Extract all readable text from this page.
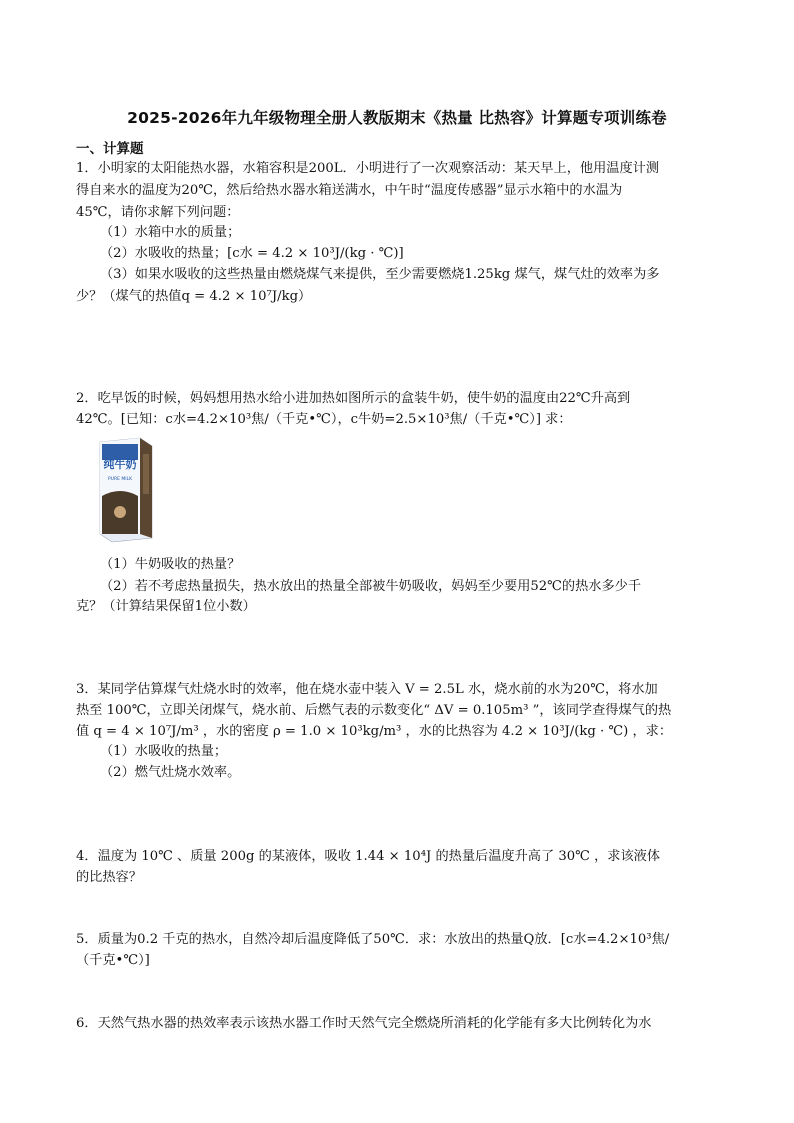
2025-2026年九年级物理全册人教版期末《热量 比热容》计算题专项训练卷
一、计算题
1．小明家的太阳能热水器，水箱容积是200L．小明进行了一次观察活动：某天早上，他用温度计测
得自来水的温度为20℃，然后给热水器水箱送满水，中午时“温度传感器”显示水箱中的水温为
45℃，请你求解下列问题：
（1）水箱中水的质量；
（2）水吸收的热量；[c水 = 4.2 × 10³J/(kg · ℃)]
（3）如果水吸收的这些热量由燃烧煤气来提供，至少需要燃烧1.25kg 煤气，煤气灶的效率为多
少？（煤气的热值q = 4.2 × 10⁷J/kg）
2．吃早饭的时候，妈妈想用热水给小进加热如图所示的盒装牛奶，使牛奶的温度由22℃升高到
42℃。[已知：c水=4.2×10³焦/（千克•℃），c牛奶=2.5×10³焦/（千克•℃）] 求：
纯牛奶
PURE MILK
（1）牛奶吸收的热量？
（2）若不考虑热量损失，热水放出的热量全部被牛奶吸收，妈妈至少要用52℃的热水多少千
克？（计算结果保留1位小数）
3．某同学估算煤气灶烧水时的效率，他在烧水壶中装入 V = 2.5L 水，烧水前的水为20℃，将水加
热至 100℃，立即关闭煤气，烧水前、后燃气表的示数变化“ ΔV = 0.105m³ ”，该同学查得煤气的热
值 q = 4 × 10⁷J/m³ ，水的密度 ρ = 1.0 × 10³kg/m³ ，水的比热容为 4.2 × 10³J/(kg · ℃) ，求：
（1）水吸收的热量；
（2）燃气灶烧水效率。
4．温度为 10℃ 、质量 200g 的某液体，吸收 1.44 × 10⁴J 的热量后温度升高了 30℃ ，求该液体
的比热容？
5．质量为0.2 千克的热水，自然冷却后温度降低了50℃．求：水放出的热量Q放．[c水=4.2×10³焦/
（千克•℃）]
6．天然气热水器的热效率表示该热水器工作时天然气完全燃烧所消耗的化学能有多大比例转化为水
